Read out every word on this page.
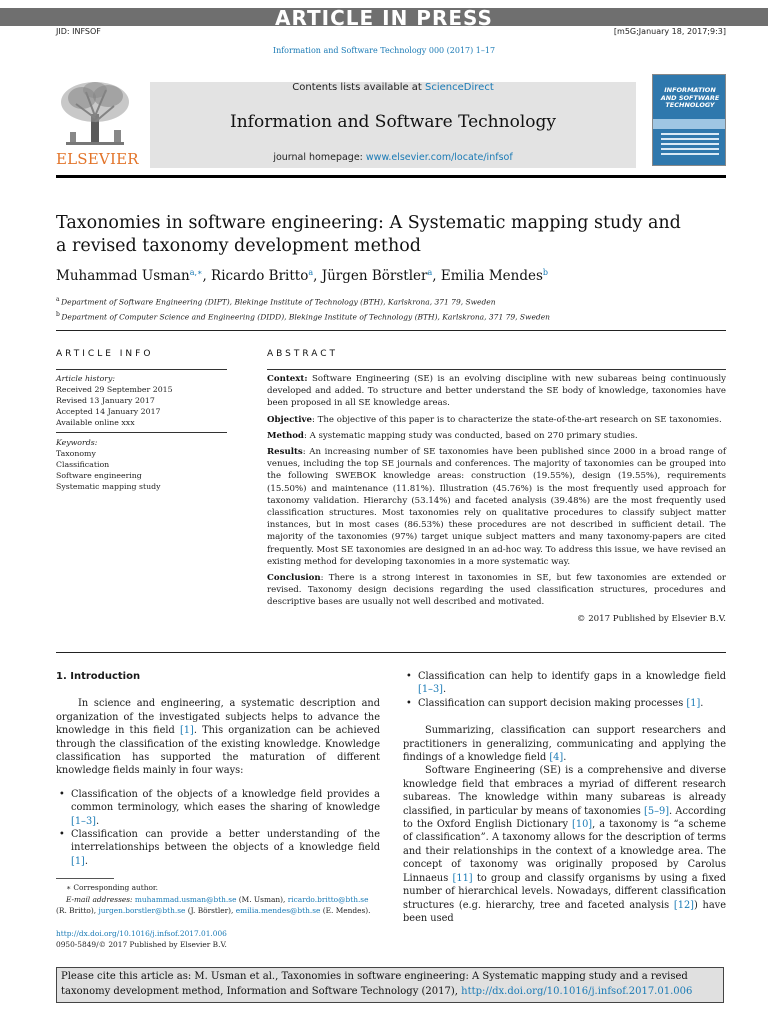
ARTICLE IN PRESS
JID: INFSOF	[m5G;January 18, 2017;9:3]
Information and Software Technology 000 (2017) 1–17
ELSEVIER
Contents lists available at ScienceDirect
Information and Software Technology
journal homepage: www.elsevier.com/locate/infsof
INFORMATION AND SOFTWARE TECHNOLOGY
Taxonomies in software engineering: A Systematic mapping study and a revised taxonomy development method
Muhammad Usman$^{a,∗}$, Ricardo Britto$^a$, Jürgen Börstler$^a$, Emilia Mendes$^b$
$^a$  Department of Software Engineering (DIPT), Blekinge Institute of Technology (BTH), Karlskrona, 371 79, Sweden
$^b$  Department of Computer Science and Engineering (DIDD), Blekinge Institute of Technology (BTH), Karlskrona, 371 79, Sweden
ARTICLE INFO
Article history:
Received 29 September 2015
Revised 13 January 2017
Accepted 14 January 2017
Available online xxx
Keywords:
Taxonomy
Classification
Software engineering
Systematic mapping study
ABSTRACT

Context: Software Engineering (SE) is an evolving discipline with new subareas being continuously developed and added. To structure and better understand the SE body of knowledge, taxonomies have been proposed in all SE knowledge areas.

Objective: The objective of this paper is to characterize the state-of-the-art research on SE taxonomies.

Method: A systematic mapping study was conducted, based on 270 primary studies.

Results: An increasing number of SE taxonomies have been published since 2000 in a broad range of venues, including the top SE journals and conferences. The majority of taxonomies can be grouped into the following SWEBOK knowledge areas: construction (19.55%), design (19.55%), requirements (15.50%) and maintenance (11.81%). Illustration (45.76%) is the most frequently used approach for taxonomy validation. Hierarchy (53.14%) and faceted analysis (39.48%) are the most frequently used classification structures. Most taxonomies rely on qualitative procedures to classify subject matter instances, but in most cases (86.53%) these procedures are not described in sufficient detail. The majority of the taxonomies (97%) target unique subject matters and many taxonomy-papers are cited frequently. Most SE taxonomies are designed in an ad-hoc way. To address this issue, we have revised an existing method for developing taxonomies in a more systematic way.

Conclusion: There is a strong interest in taxonomies in SE, but few taxonomies are extended or revised. Taxonomy design decisions regarding the used classification structures, procedures and descriptive bases are usually not well described and motivated.

© 2017 Published by Elsevier B.V.
1. Introduction

In science and engineering, a systematic description and organization of the investigated subjects helps to advance the knowledge in this field [1]. This organization can be achieved through the classification of the existing knowledge. Knowledge classification has supported the maturation of different knowledge fields mainly in four ways:

• Classification of the objects of a knowledge field provides a common terminology, which eases the sharing of knowledge [1–3].
• Classification can provide a better understanding of the interrelationships between the objects of a knowledge field [1].
• Classification can help to identify gaps in a knowledge field [1–3].
• Classification can support decision making processes [1].

Summarizing, classification can support researchers and practitioners in generalizing, communicating and applying the findings of a knowledge field [4].

Software Engineering (SE) is a comprehensive and diverse knowledge field that embraces a myriad of different research subareas. The knowledge within many subareas is already classified, in particular by means of taxonomies [5–9]. According to the Oxford English Dictionary [10], a taxonomy is “a scheme of classification”. A taxonomy allows for the description of terms and their relationships in the context of a knowledge area. The concept of taxonomy was originally proposed by Carolus Linnaeus [11] to group and classify organisms by using a fixed number of hierarchical levels. Nowadays, different classification structures (e.g. hierarchy, tree and faceted analysis [12]) have been used

∗ Corresponding author.
E-mail addresses: muhammad.usman@bth.se (M. Usman), ricardo.britto@bth.se
(R. Britto), jurgen.borstler@bth.se (J. Börstler), emilia.mendes@bth.se (E. Mendes).
http://dx.doi.org/10.1016/j.infsof.2017.01.006
0950-5849/© 2017 Published by Elsevier B.V.
Please cite this article as: M. Usman et al., Taxonomies in software engineering: A Systematic mapping study and a revised taxonomy development method, Information and Software Technology (2017), http://dx.doi.org/10.1016/j.infsof.2017.01.006
